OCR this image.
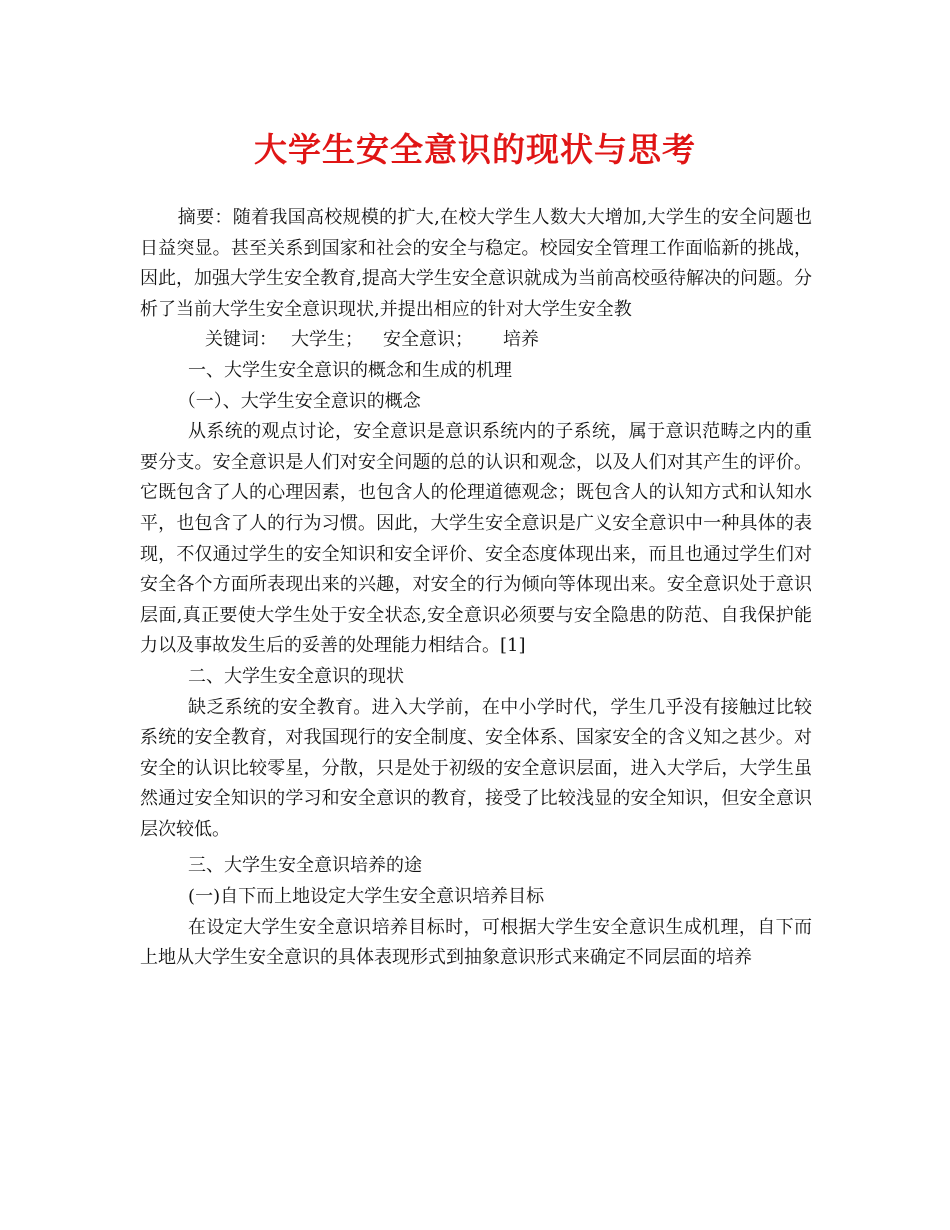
大学生安全意识的现状与思考

摘要：随着我国高校规模的扩大,在校大学生人数大大增加,大学生的安全问题也日益突显。甚至关系到国家和社会的安全与稳定。校园安全管理工作面临新的挑战，因此，加强大学生安全教育,提高大学生安全意识就成为当前高校亟待解决的问题。分析了当前大学生安全意识现状,并提出相应的针对大学生安全教

关键词： 大学生； 安全意识； 培养

一、大学生安全意识的概念和生成的机理

（一）、大学生安全意识的概念

从系统的观点讨论，安全意识是意识系统内的子系统，属于意识范畴之内的重要分支。安全意识是人们对安全问题的总的认识和观念，以及人们对其产生的评价。它既包含了人的心理因素，也包含人的伦理道德观念；既包含人的认知方式和认知水平，也包含了人的行为习惯。因此，大学生安全意识是广义安全意识中一种具体的表现，不仅通过学生的安全知识和安全评价、安全态度体现出来，而且也通过学生们对安全各个方面所表现出来的兴趣，对安全的行为倾向等体现出来。安全意识处于意识层面,真正要使大学生处于安全状态,安全意识必须要与安全隐患的防范、自我保护能力以及事故发生后的妥善的处理能力相结合。[1]

二、大学生安全意识的现状

缺乏系统的安全教育。进入大学前，在中小学时代，学生几乎没有接触过比较系统的安全教育，对我国现行的安全制度、安全体系、国家安全的含义知之甚少。对安全的认识比较零星，分散，只是处于初级的安全意识层面，进入大学后，大学生虽然通过安全知识的学习和安全意识的教育，接受了比较浅显的安全知识，但安全意识层次较低。

三、大学生安全意识培养的途

(一)自下而上地设定大学生安全意识培养目标

在设定大学生安全意识培养目标时，可根据大学生安全意识生成机理，自下而上地从大学生安全意识的具体表现形式到抽象意识形式来确定不同层面的培养
